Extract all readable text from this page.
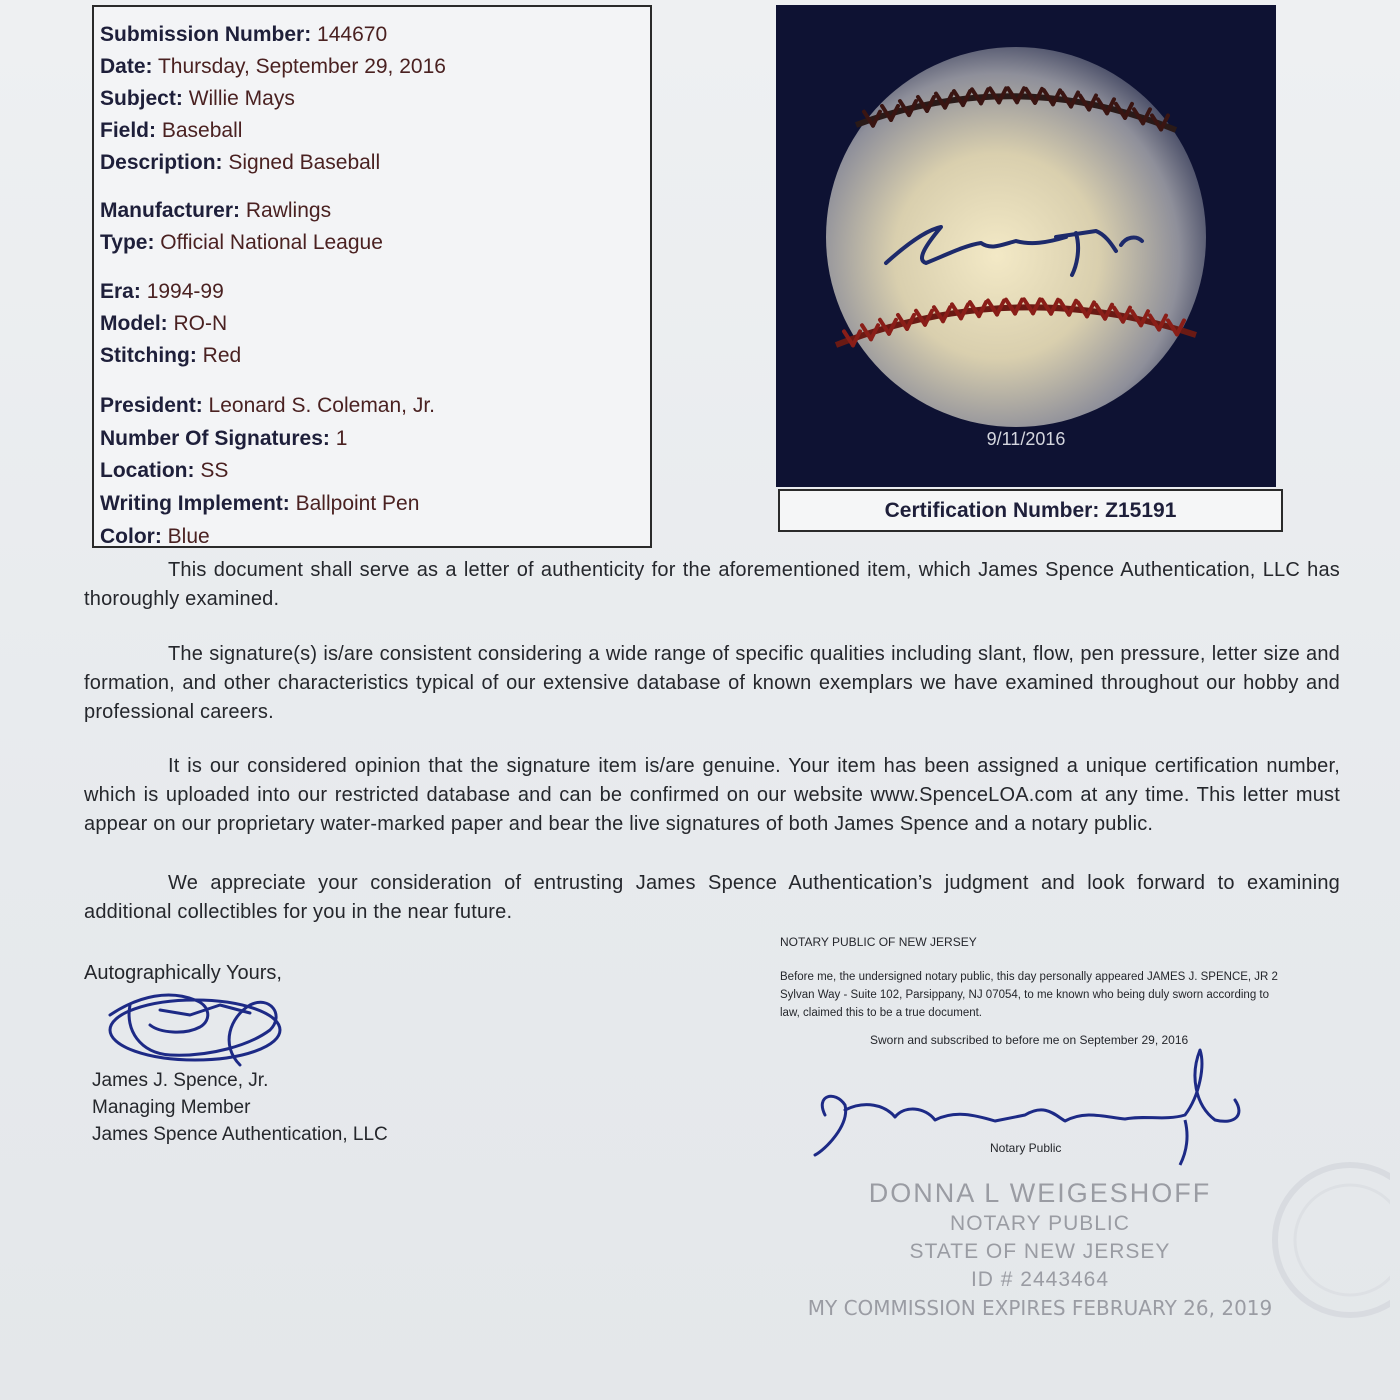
Submission Number: 144670
Date: Thursday, September 29, 2016
Subject: Willie Mays
Field: Baseball
Description: Signed Baseball
Manufacturer: Rawlings
Type: Official National League
Era: 1994-99
Model: RO-N
Stitching: Red
President: Leonard S. Coleman, Jr.
Number Of Signatures: 1
Location: SS
Writing Implement: Ballpoint Pen
Color: Blue
9/11/2016
Certification Number: Z15191
This document shall serve as a letter of authenticity for the aforementioned item, which James Spence Authentication, LLC has thoroughly examined.
The signature(s) is/are consistent considering a wide range of specific qualities including slant, flow, pen pressure, letter size and formation, and other characteristics typical of our extensive database of known exemplars we have examined throughout our hobby and professional careers.
It is our considered opinion that the signature item is/are genuine. Your item has been assigned a unique certification number, which is uploaded into our restricted database and can be confirmed on our website www.SpenceLOA.com at any time. This letter must appear on our proprietary water-marked paper and bear the live signatures of both James Spence and a notary public.
We appreciate your consideration of entrusting James Spence Authentication’s judgment and look forward to examining additional collectibles for you in the near future.
Autographically Yours,
James J. Spence, Jr.
Managing Member
James Spence Authentication, LLC
NOTARY PUBLIC OF NEW JERSEY
Before me, the undersigned notary public, this day personally appeared JAMES J. SPENCE, JR 2 Sylvan Way - Suite 102, Parsippany, NJ 07054, to me known who being duly sworn according to law, claimed this to be a true document.
Sworn and subscribed to before me on September 29, 2016
Notary Public
DONNA L WEIGESHOFF
NOTARY PUBLIC
STATE OF NEW JERSEY
ID # 2443464
MY COMMISSION EXPIRES FEBRUARY 26, 2019
